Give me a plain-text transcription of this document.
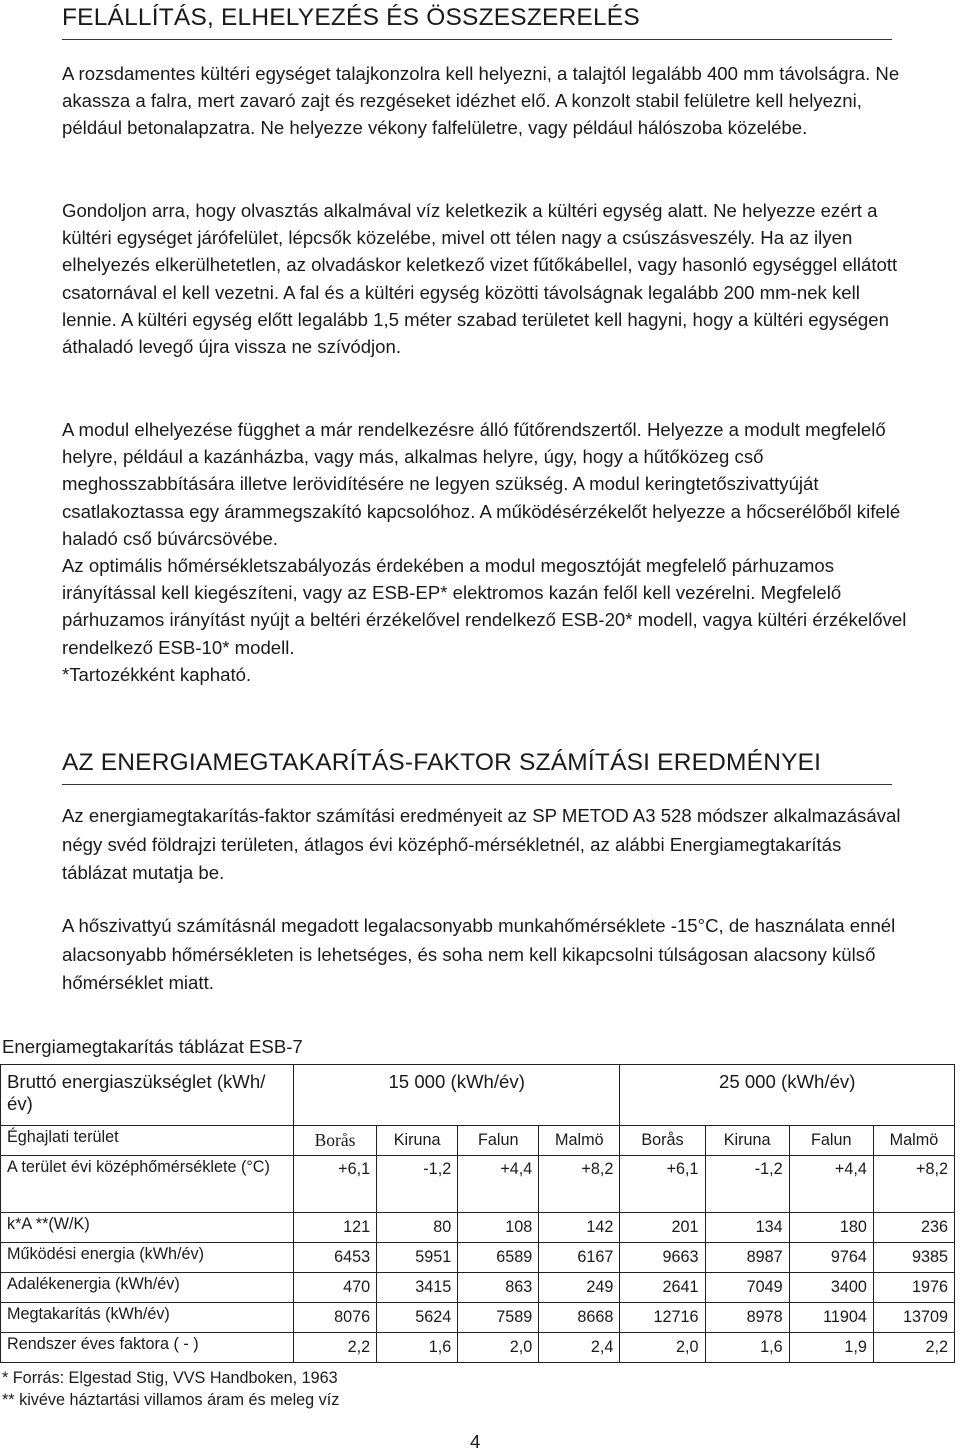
FELÁLLÍTÁS, ELHELYEZÉS ÉS ÖSSZESZERELÉS

A rozsdamentes kültéri egységet talajkonzolra kell helyezni, a talajtól legalább 400 mm távolságra. Ne akassza a falra, mert zavaró zajt és rezgéseket idézhet elő. A konzolt stabil felületre kell helyezni, például betonalapzatra. Ne helyezze vékony falfelületre, vagy például hálószoba közelébe.

Gondoljon arra, hogy olvasztás alkalmával víz keletkezik a kültéri egység alatt. Ne helyezze ezért a kültéri egységet járófelület, lépcsők közelébe, mivel ott télen nagy a csúszásveszély. Ha az ilyen elhelyezés elkerülhetetlen, az olvadáskor keletkező vizet fűtőkábellel, vagy hasonló egységgel ellátott csatornával el kell vezetni. A fal és a kültéri egység közötti távolságnak legalább 200 mm-nek kell lennie. A kültéri egység előtt legalább 1,5 méter szabad területet kell hagyni, hogy a kültéri egységen áthaladó levegő újra vissza ne szívódjon.

A modul elhelyezése függhet a már rendelkezésre álló fűtőrendszertől. Helyezze a modult megfelelő helyre, például a kazánházba, vagy más, alkalmas helyre, úgy, hogy a hűtőközeg cső meghosszabbítására illetve lerövidítésére ne legyen szükség. A modul keringtetőszivattyúját csatlakoztassa egy árammegszakító kapcsolóhoz. A működésérzékelőt helyezze a hőcserélőből kifelé haladó cső búvárcsövébe.

Az optimális hőmérsékletszabályozás érdekében a modul megosztóját megfelelő párhuzamos irányítással kell kiegészíteni, vagy az ESB-EP* elektromos kazán felől kell vezérelni. Megfelelő párhuzamos irányítást nyújt a beltéri érzékelővel rendelkező ESB-20* modell, vagya kültéri érzékelővel rendelkező ESB-10* modell.

*Tartozékként kapható.

AZ ENERGIAMEGTAKARÍTÁS-FAKTOR SZÁMÍTÁSI EREDMÉNYEI

Az energiamegtakarítás-faktor számítási eredményeit az SP METOD A3 528 módszer alkalmazásával négy svéd földrajzi területen, átlagos évi középhő-mérsékletnél, az alábbi Energiamegtakarítás táblázat mutatja be.

A hőszivattyú számításnál megadott legalacsonyabb munkahőmérséklete -15°C, de használata ennél alacsonyabb hőmérsékleten is lehetséges, és soha nem kell kikapcsolni túlságosan alacsony külső hőmérséklet miatt.

Energiamegtakarítás táblázat ESB-7
Bruttó energiaszükséglet (kWh/év)	15 000 (kWh/év)				25 000 (kWh/év)			
Éghajlati terület	Borås	Kiruna	Falun	Malmö	Borås	Kiruna	Falun	Malmö
A terület évi középhőmérséklete (°C)	+6,1	-1,2	+4,4	+8,2	+6,1	-1,2	+4,4	+8,2
k*A **(W/K)	121	80	108	142	201	134	180	236
Működési energia (kWh/év)	6453	5951	6589	6167	9663	8987	9764	9385
Adalékenergia (kWh/év)	470	3415	863	249	2641	7049	3400	1976
Megtakarítás (kWh/év)	8076	5624	7589	8668	12716	8978	11904	13709
Rendszer éves faktora ( - )	2,2	1,6	2,0	2,4	2,0	1,6	1,9	2,2
* Forrás: Elgestad Stig, VVS Handboken, 1963
** kivéve háztartási villamos áram és meleg víz
4
